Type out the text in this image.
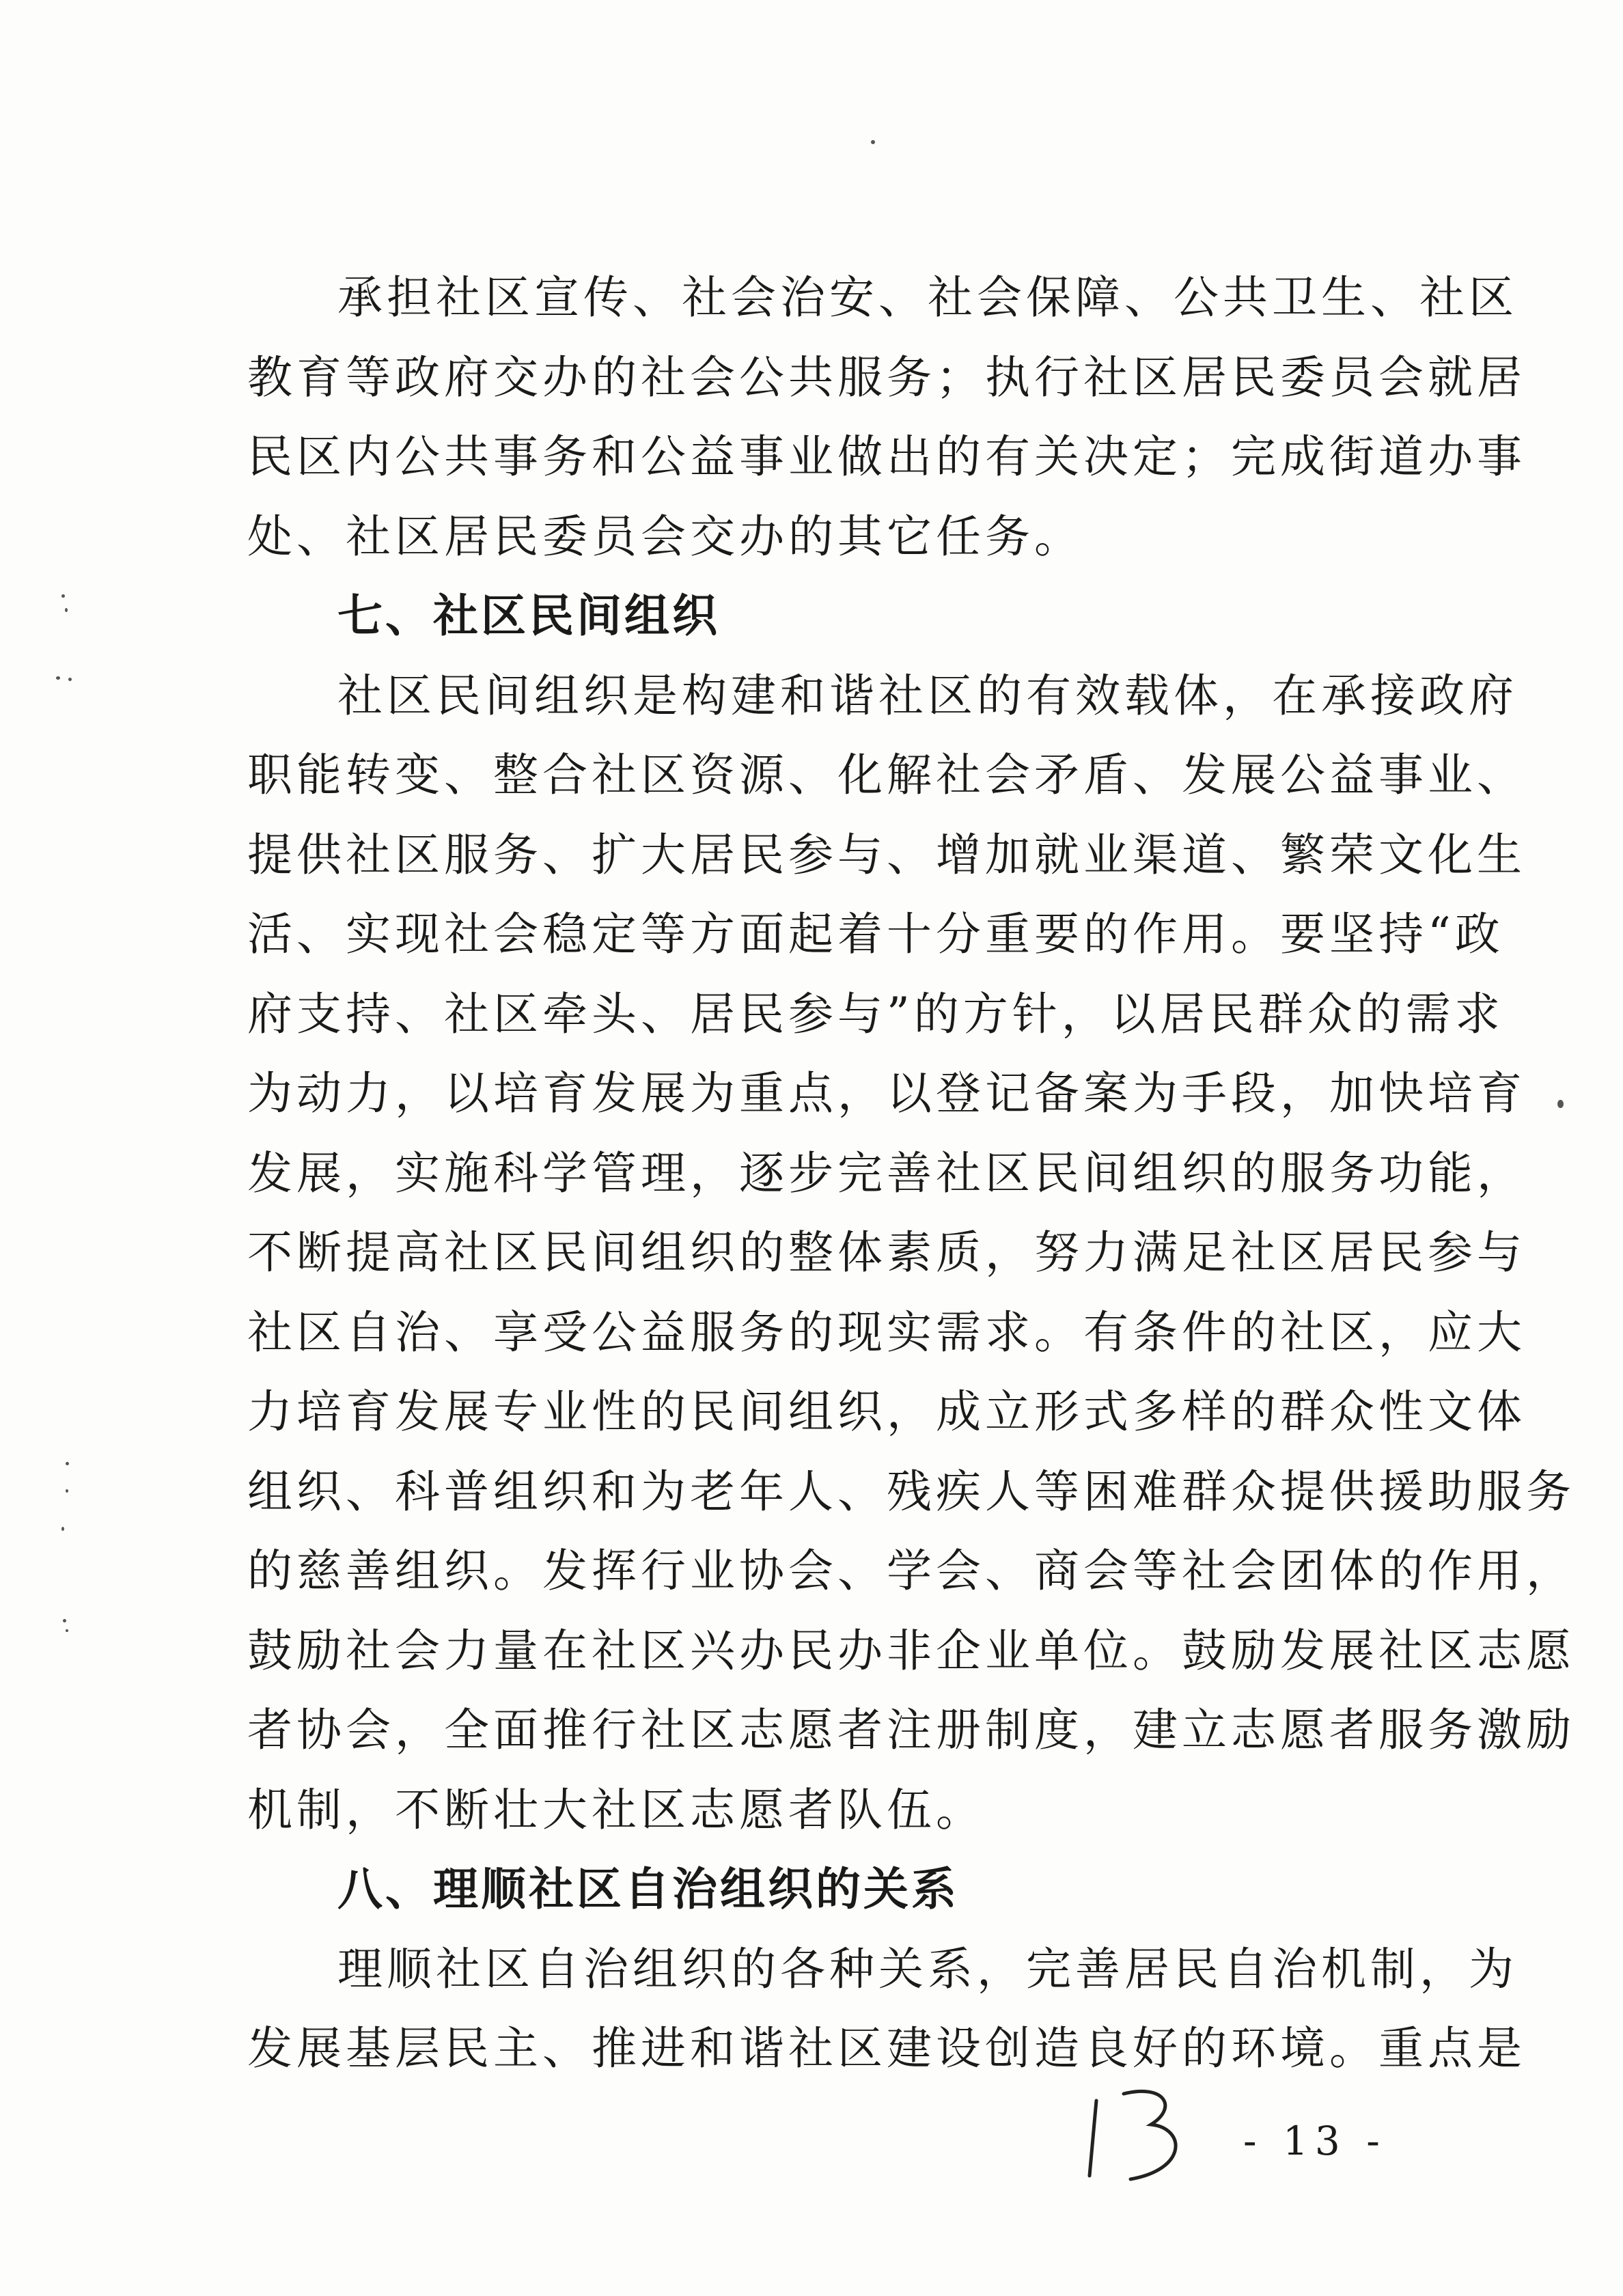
承担社区宣传、社会治安、社会保障、公共卫生、社区
教育等政府交办的社会公共服务；执行社区居民委员会就居
民区内公共事务和公益事业做出的有关决定；完成街道办事
处、社区居民委员会交办的其它任务。
七、社区民间组织
社区民间组织是构建和谐社区的有效载体，在承接政府
职能转变、整合社区资源、化解社会矛盾、发展公益事业、
提供社区服务、扩大居民参与、增加就业渠道、繁荣文化生
活、实现社会稳定等方面起着十分重要的作用。要坚持“政
府支持、社区牵头、居民参与”的方针，以居民群众的需求
为动力，以培育发展为重点，以登记备案为手段，加快培育
发展，实施科学管理，逐步完善社区民间组织的服务功能，
不断提高社区民间组织的整体素质，努力满足社区居民参与
社区自治、享受公益服务的现实需求。有条件的社区，应大
力培育发展专业性的民间组织，成立形式多样的群众性文体
组织、科普组织和为老年人、残疾人等困难群众提供援助服务
的慈善组织。发挥行业协会、学会、商会等社会团体的作用，
鼓励社会力量在社区兴办民办非企业单位。鼓励发展社区志愿
者协会，全面推行社区志愿者注册制度，建立志愿者服务激励
机制，不断壮大社区志愿者队伍。
八、理顺社区自治组织的关系
理顺社区自治组织的各种关系，完善居民自治机制，为
发展基层民主、推进和谐社区建设创造良好的环境。重点是
- 13 -
